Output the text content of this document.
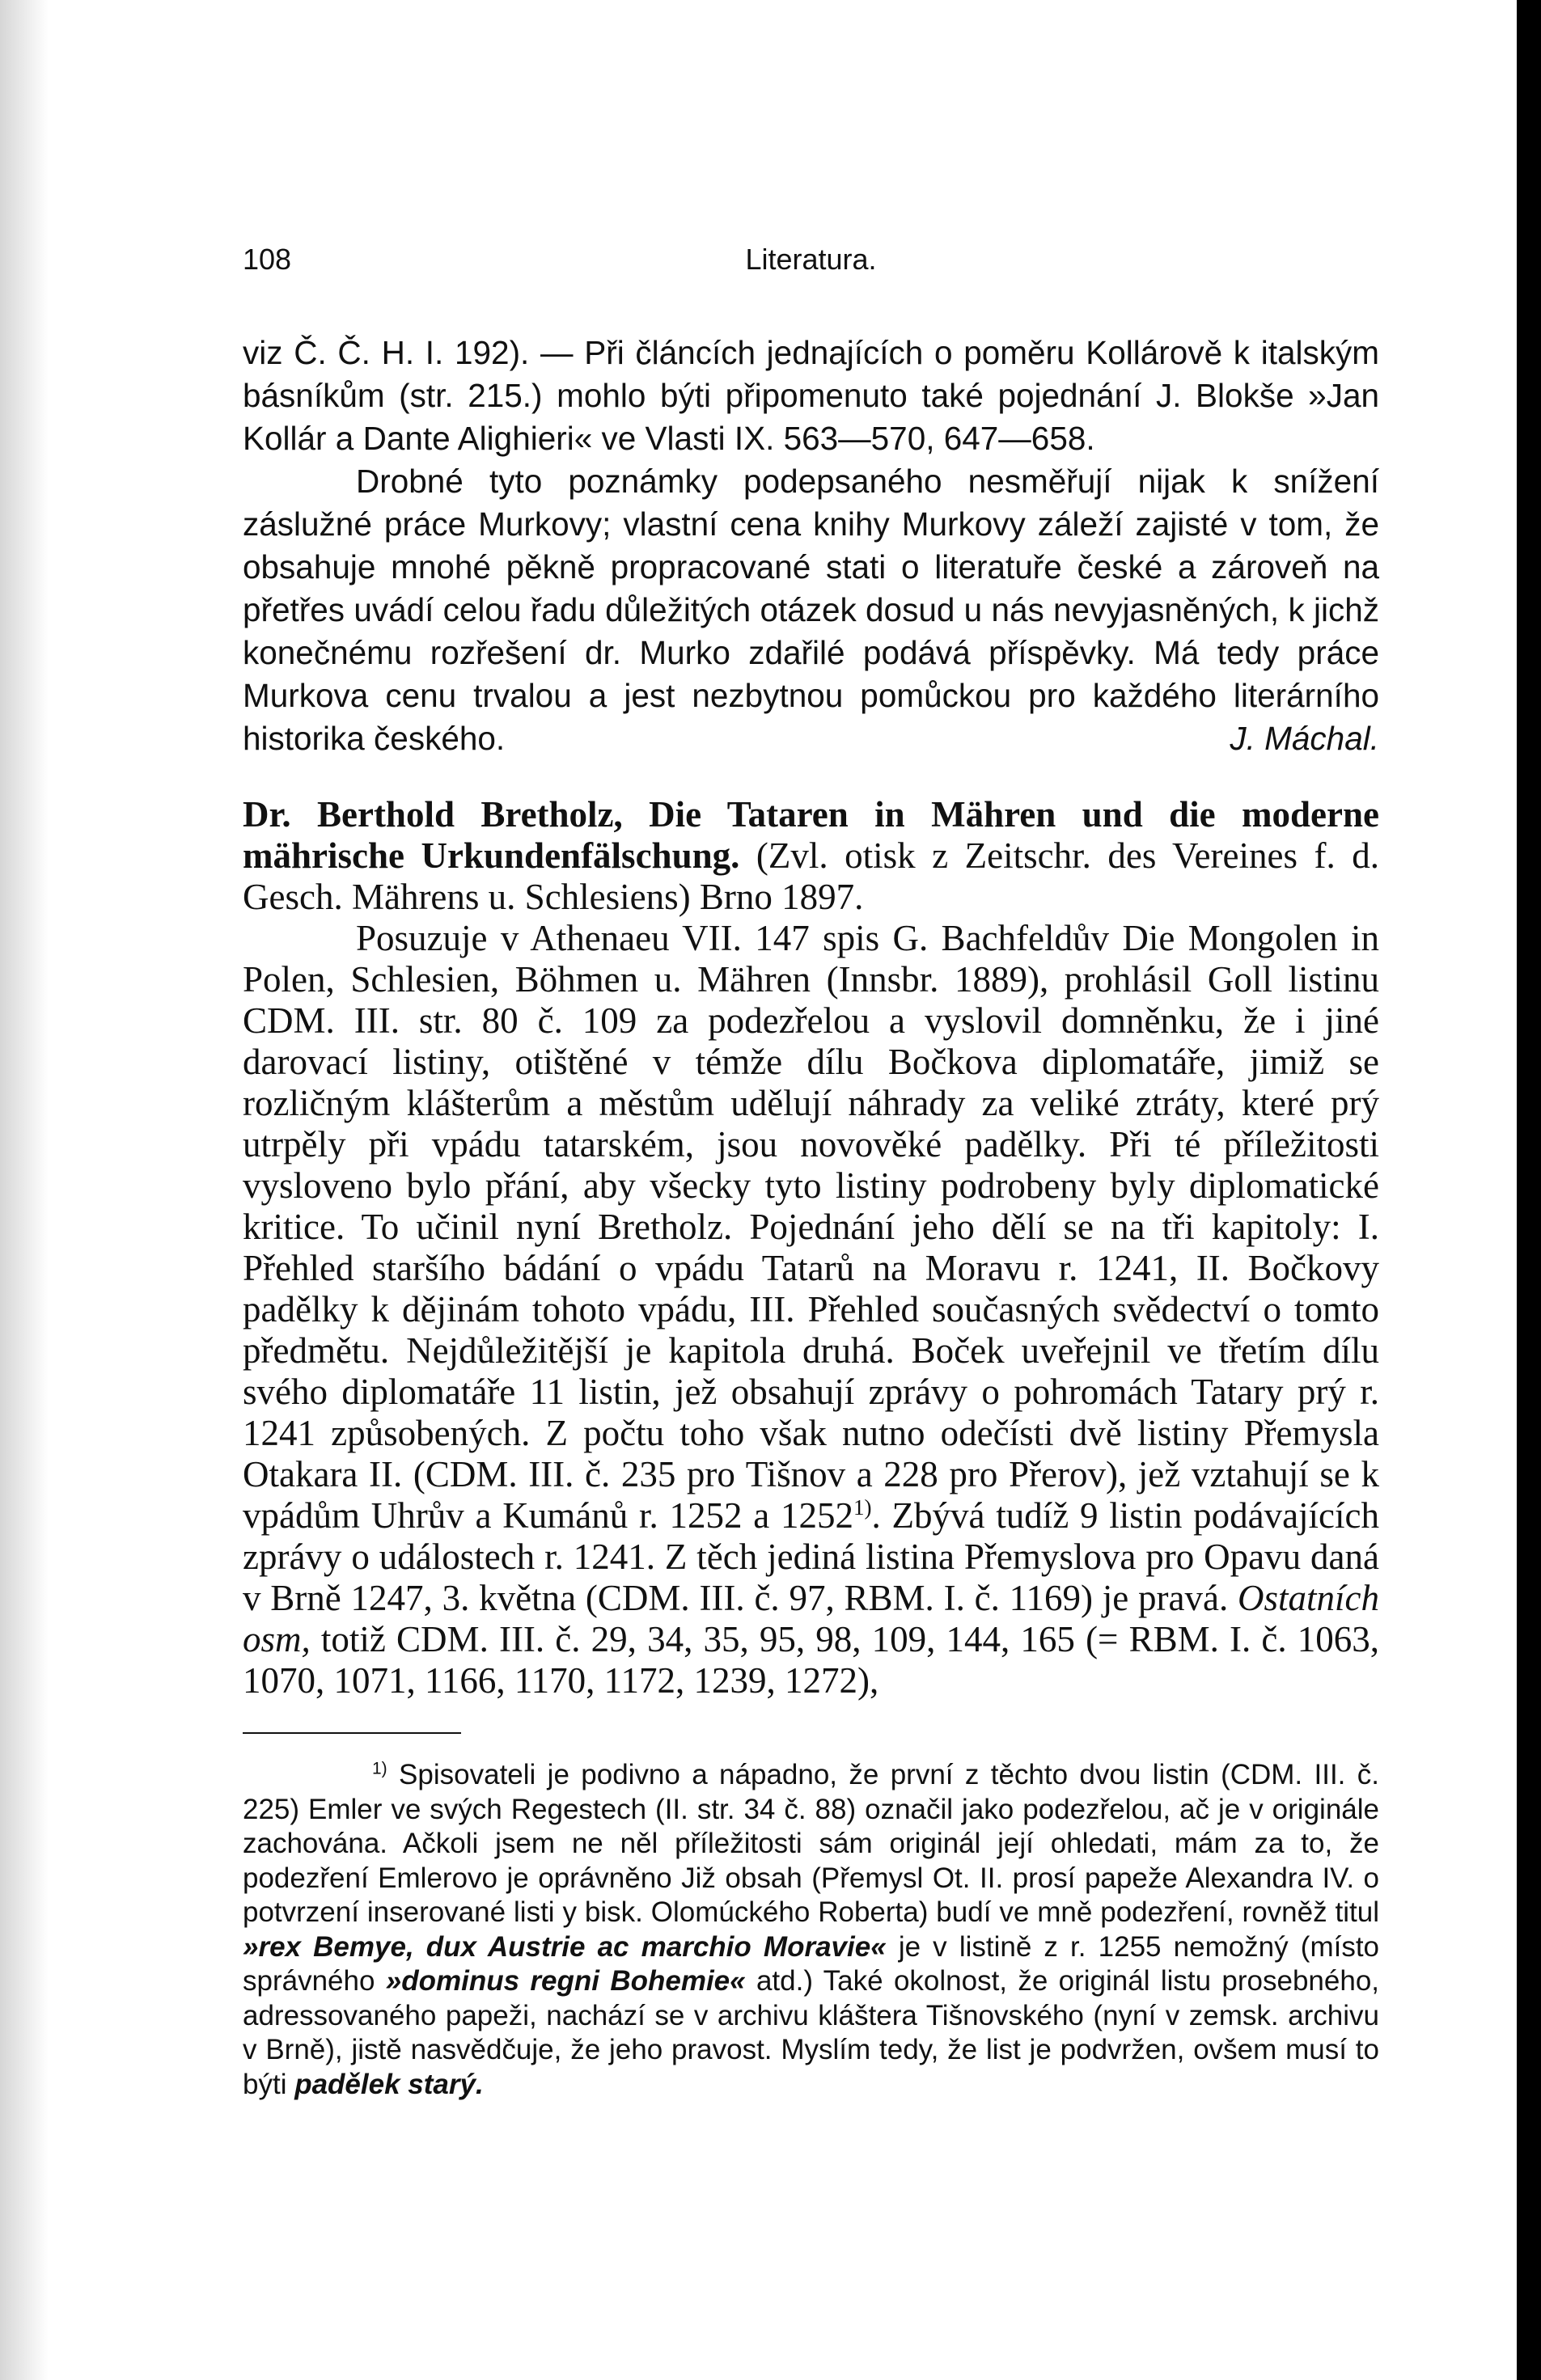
108	Literatura.

viz Č. Č. H. I. 192). — Při článcích jednajících o poměru Kollárově k italským básníkům (str. 215.) mohlo býti připomenuto také pojednání J. Blokše »Jan Kollár a Dante Alighieri« ve Vlasti IX. 563—570, 647—658.

Drobné tyto poznámky podepsaného nesměřují nijak k snížení záslužné práce Murkovy; vlastní cena knihy Murkovy záleží zajisté v tom, že obsahuje mnohé pěkně propracované stati o literatuře české a zároveň na přetřes uvádí celou řadu důležitých otázek dosud u nás nevyjasněných, k jichž konečnému rozřešení dr. Murko zdařilé podává příspěvky. Má tedy práce Murkova cenu trvalou a jest nezbytnou pomůckou pro každého literárního historika českého.	J. Máchal.

Dr. Berthold Bretholz, Die Tataren in Mähren und die moderne mährische Urkundenfälschung. (Zvl. otisk z Zeitschr. des Vereines f. d. Gesch. Mährens u. Schlesiens) Brno 1897.

Posuzuje v Athenaeu VII. 147 spis G. Bachfeldův Die Mongolen in Polen, Schlesien, Böhmen u. Mähren (Innsbr. 1889), prohlásil Goll listinu CDM. III. str. 80 č. 109 za podezřelou a vyslovil domněnku, že i jiné darovací listiny, otištěné v témže dílu Bočkova diplomatáře, jimiž se rozličným klášterům a městům udělují náhrady za veliké ztráty, které prý utrpěly při vpádu tatarském, jsou novověké padělky. Při té příležitosti vysloveno bylo přání, aby všecky tyto listiny podrobeny byly diplomatické kritice. To učinil nyní Bretholz. Pojednání jeho dělí se na tři kapitoly: I. Přehled staršího bádání o vpádu Tatarů na Moravu r. 1241, II. Bočkovy padělky k dějinám tohoto vpádu, III. Přehled současných svědectví o tomto předmětu. Nejdůležitější je kapitola druhá. Boček uveřejnil ve třetím dílu svého diplomatáře 11 listin, jež obsahují zprávy o pohromách Tatary prý r. 1241 způsobených. Z počtu toho však nutno odečísti dvě listiny Přemysla Otakara II. (CDM. III. č. 235 pro Tišnov a 228 pro Přerov), jež vztahují se k vpádům Uhrův a Kumánů r. 1252 a 1252$^{1)}$. Zbývá tudíž 9 listin podávajících zprávy o událostech r. 1241. Z těch jediná listina Přemyslova pro Opavu daná v Brně 1247, 3. května (CDM. III. č. 97, RBM. I. č. 1169) je pravá. Ostatních osm, totiž CDM. III. č. 29, 34, 35, 95, 98, 109, 144, 165 (= RBM. I. č. 1063, 1070, 1071, 1166, 1170, 1172, 1239, 1272),

$^{1)}$ Spisovateli je podivno a nápadno, že první z těchto dvou listin (CDM. III. č. 225) Emler ve svých Regestech (II. str. 34 č. 88) označil jako podezřelou, ač je v originále zachována. Ačkoli jsem ne něl příležitosti sám originál její ohledati, mám za to, že podezření Emlerovo je oprávněno Již obsah (Přemysl Ot. II. prosí papeže Alexandra IV. o potvrzení inserované listi y bisk. Olomúckého Roberta) budí ve mně podezření, rovněž titul »rex Bemye, dux Austrie ac marchio Moravie« je v listině z r. 1255 nemožný (místo správného »dominus regni Bohemie« atd.) Také okolnost, že originál listu prosebného, adressovaného papeži, nachází se v archivu kláštera Tišnovského (nyní v zemsk. archivu v Brně), jistě nasvědčuje, že jeho pravost. Myslím tedy, že list je podvržen, ovšem musí to býti padělek starý.
